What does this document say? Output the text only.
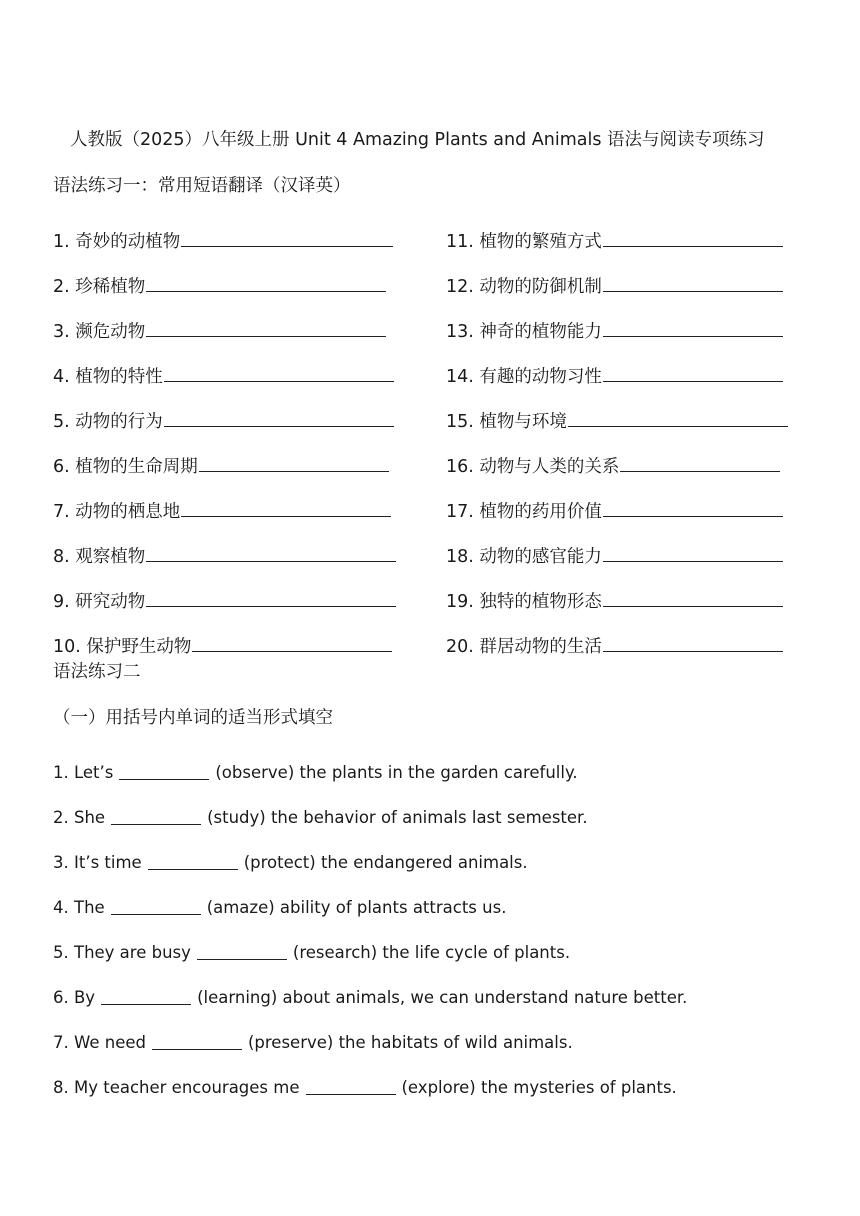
人教版（2025）八年级上册 Unit 4 Amazing Plants and Animals 语法与阅读专项练习
语法练习一：常用短语翻译（汉译英）
1. 奇妙的动植物	11. 植物的繁殖方式
2. 珍稀植物	12. 动物的防御机制
3. 濒危动物	13. 神奇的植物能力
4. 植物的特性	14. 有趣的动物习性
5. 动物的行为	15. 植物与环境
6. 植物的生命周期	16. 动物与人类的关系
7. 动物的栖息地	17. 植物的药用价值
8. 观察植物	18. 动物的感官能力
9. 研究动物	19. 独特的植物形态
10. 保护野生动物	20. 群居动物的生活
语法练习二
（一）用括号内单词的适当形式填空
1. Let’s	(observe) the plants in the garden carefully.
2. She	(study) the behavior of animals last semester.
3. It’s time	(protect) the endangered animals.
4. The	(amaze) ability of plants attracts us.
5. They are busy	(research) the life cycle of plants.
6. By	(learning) about animals, we can understand nature better.
7. We need	(preserve) the habitats of wild animals.
8. My teacher encourages me	(explore) the mysteries of plants.
